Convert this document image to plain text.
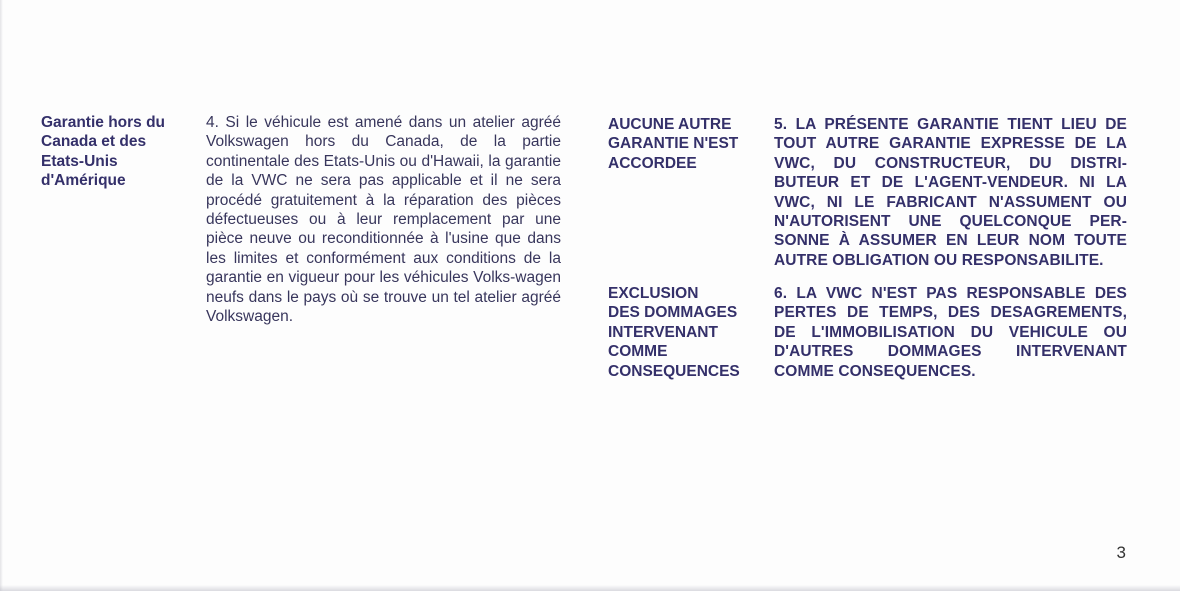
Garantie hors du
Canada et des
Etats-Unis
d'Amérique
4. Si le véhicule est amené dans un atelier agréé Volkswagen hors du Canada, de la partie continentale des Etats-Unis ou d'Hawaii, la garantie de la VWC ne sera pas applicable et il ne sera procédé gratuitement à la réparation des pièces défectueuses ou à leur remplacement par une pièce neuve ou reconditionnée à l'usine que dans les limites et conformément aux conditions de la garantie en vigueur pour les véhicules Volks-wagen neufs dans le pays où se trouve un tel atelier agréé Volkswagen.
AUCUNE AUTRE
GARANTIE N'EST
ACCORDEE
5. LA PRÉSENTE GARANTIE TIENT LIEU DE TOUT AUTRE GARANTIE EXPRESSE DE LA VWC, DU CONSTRUCTEUR, DU DISTRI-BUTEUR ET DE L'AGENT-VENDEUR. NI LA VWC, NI LE FABRICANT N'ASSUMENT OU N'AUTORISENT UNE QUELCONQUE PER-SONNE À ASSUMER EN LEUR NOM TOUTE AUTRE OBLIGATION OU RESPONSABILITE.
EXCLUSION
DES DOMMAGES
INTERVENANT
COMME
CONSEQUENCES
6. LA VWC N'EST PAS RESPONSABLE DES PERTES DE TEMPS, DES DESAGREMENTS, DE L'IMMOBILISATION DU VEHICULE OU D'AUTRES DOMMAGES INTERVENANT COMME CONSEQUENCES.
3
